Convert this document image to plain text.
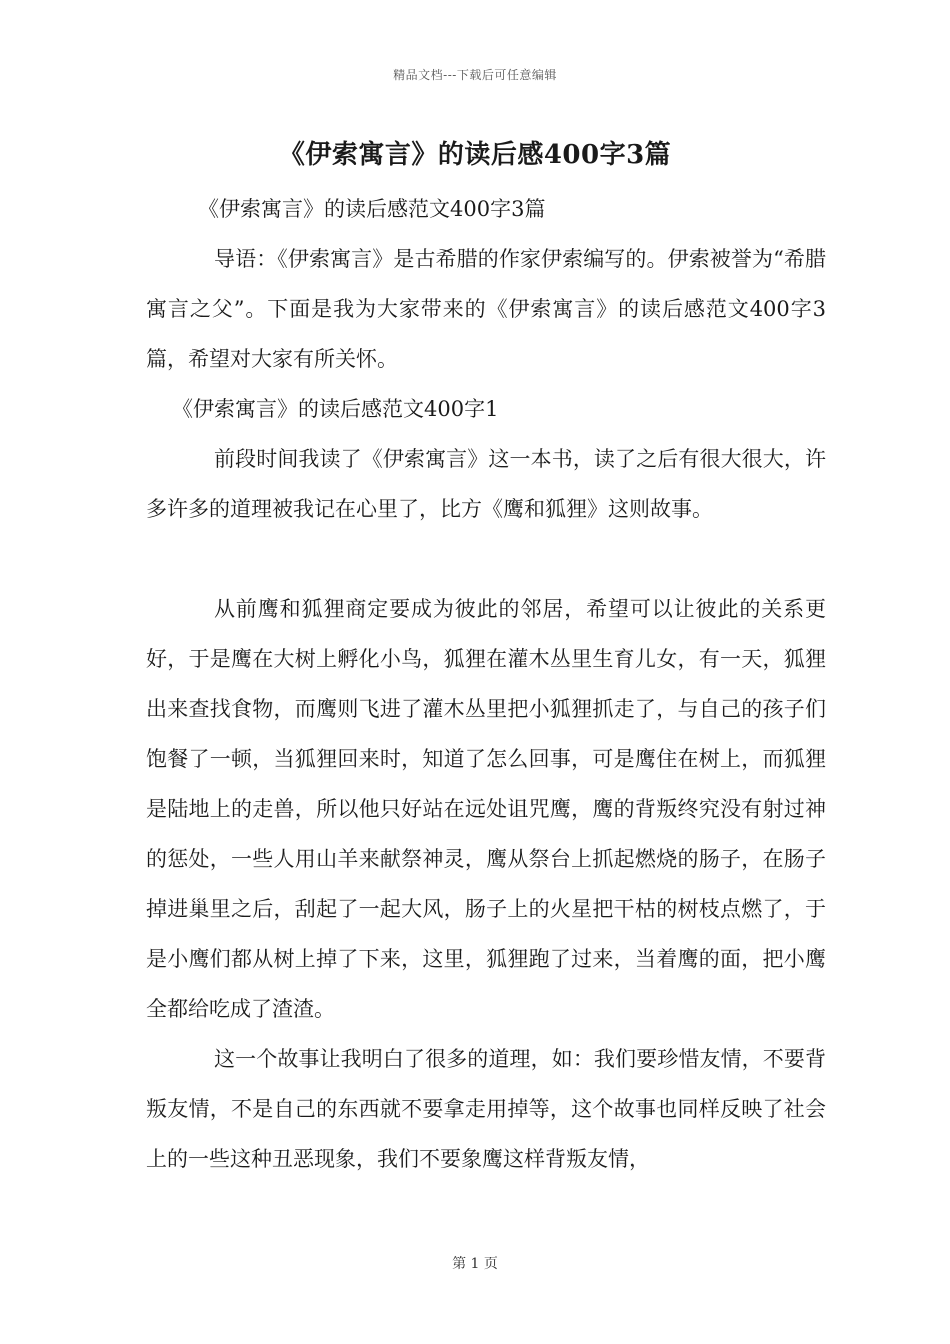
精品文档---下载后可任意编辑
《伊索寓言》的读后感400字3篇

《伊索寓言》的读后感范文400字3篇

导语：《伊索寓言》是古希腊的作家伊索编写的。伊索被誉为“希腊寓言之父”。下面是我为大家带来的《伊索寓言》的读后感范文400字3篇，希望对大家有所关怀。

《伊索寓言》的读后感范文400字1

前段时间我读了《伊索寓言》这一本书，读了之后有很大很大，许多许多的道理被我记在心里了，比方《鹰和狐狸》这则故事。

从前鹰和狐狸商定要成为彼此的邻居，希望可以让彼此的关系更好，于是鹰在大树上孵化小鸟，狐狸在灌木丛里生育儿女，有一天，狐狸出来查找食物，而鹰则飞进了灌木丛里把小狐狸抓走了，与自己的孩子们饱餐了一顿，当狐狸回来时，知道了怎么回事，可是鹰住在树上，而狐狸是陆地上的走兽，所以他只好站在远处诅咒鹰，鹰的背叛终究没有射过神的惩处，一些人用山羊来献祭神灵，鹰从祭台上抓起燃烧的肠子，在肠子掉进巢里之后，刮起了一起大风，肠子上的火星把干枯的树枝点燃了，于是小鹰们都从树上掉了下来，这里，狐狸跑了过来，当着鹰的面，把小鹰全都给吃成了渣渣。

这一个故事让我明白了很多的道理，如：我们要珍惜友情，不要背叛友情，不是自己的东西就不要拿走用掉等，这个故事也同样反映了社会上的一些这种丑恶现象，我们不要象鹰这样背叛友情，

第 1 页
